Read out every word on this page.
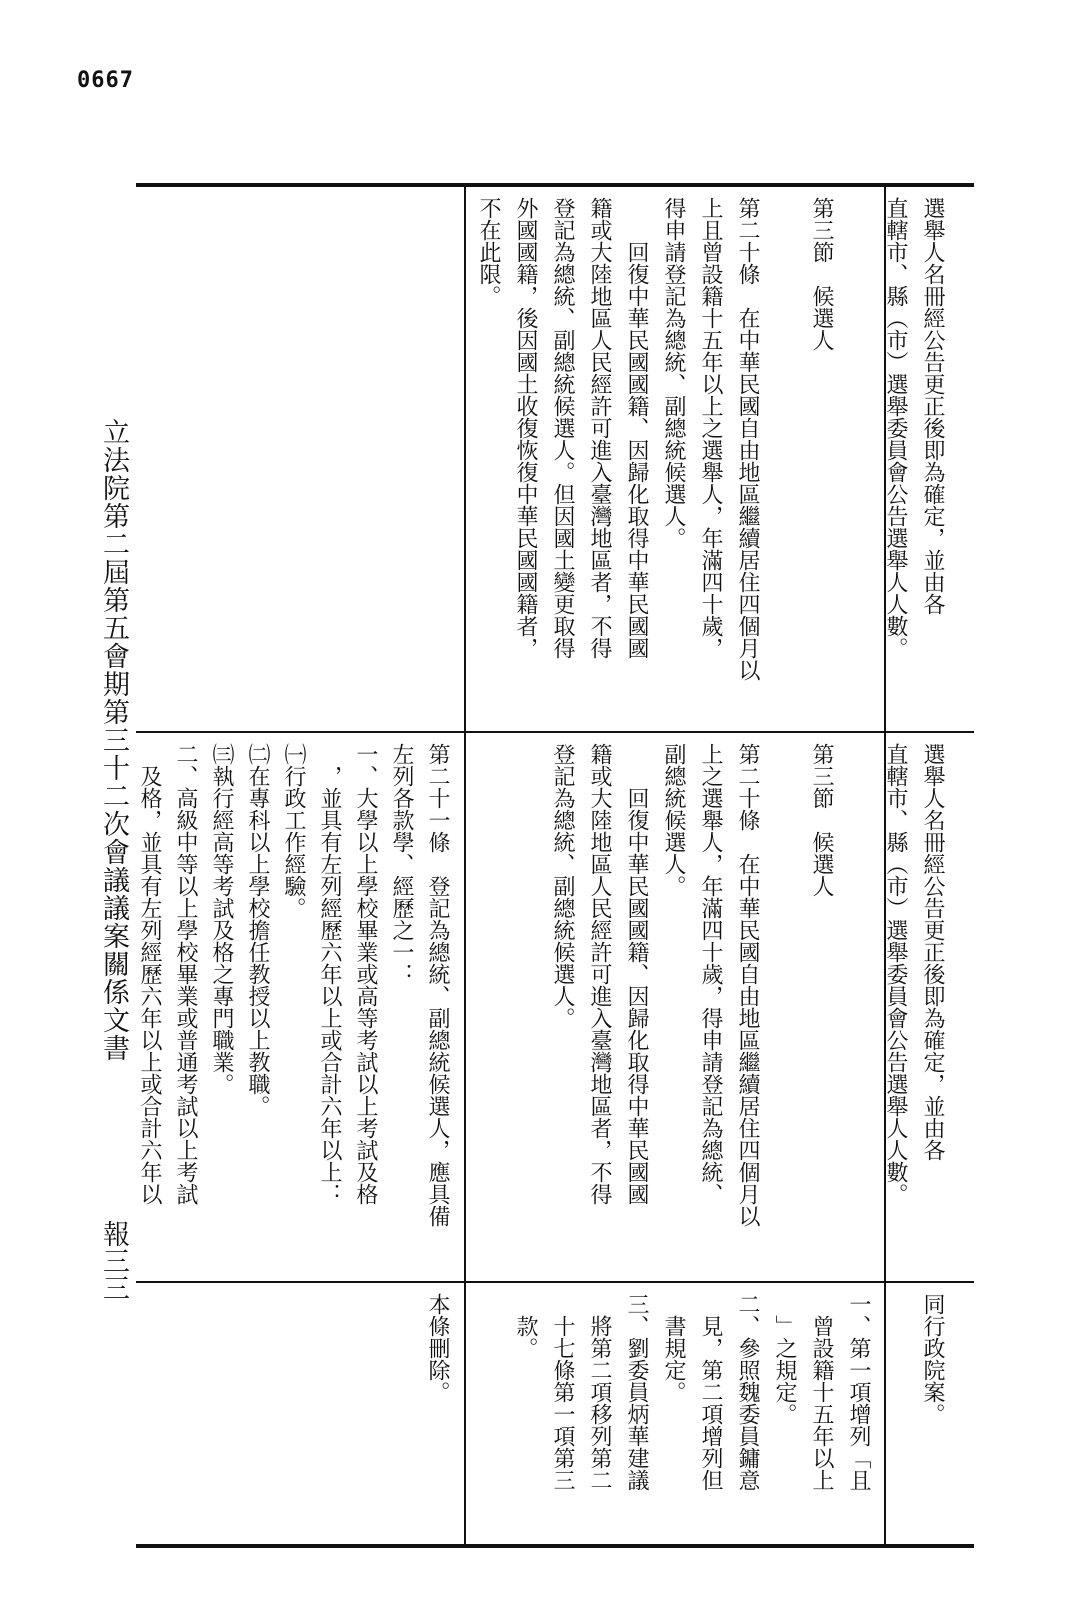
0667
立法院第二屆第五會期第三十二次會議議案關係文書
報三三
選舉人名冊經公告更正後即為確定，並由各
直轄市、縣（市）選舉委員會公告選舉人人數。
第三節　候選人
第二十條　在中華民國自由地區繼續居住四個月以
上且曾設籍十五年以上之選舉人，年滿四十歲，
得申請登記為總統、副總統候選人。
　　回復中華民國國籍、因歸化取得中華民國國
籍或大陸地區人民經許可進入臺灣地區者，不得
登記為總統、副總統候選人。但因國土變更取得
外國國籍，後因國土收復恢復中華民國國籍者，
不在此限。
選舉人名冊經公告更正後即為確定，並由各
直轄市、縣（市）選舉委員會公告選舉人人數。
第三節　候選人
第二十條　在中華民國自由地區繼續居住四個月以
上之選舉人，年滿四十歲，得申請登記為總統、
副總統候選人。
　　回復中華民國國籍、因歸化取得中華民國國
籍或大陸地區人民經許可進入臺灣地區者，不得
登記為總統、副總統候選人。
第二十一條　登記為總統、副總統候選人，應具備
左列各款學、經歷之一：
一、大學以上學校畢業或高等考試以上考試及格
　，並具有左列經歷六年以上或合計六年以上：
㈠行政工作經驗。
㈡在專科以上學校擔任教授以上教職。
㈢執行經高等考試及格之專門職業。
二、高級中等以上學校畢業或普通考試以上考試
　及格，並具有左列經歷六年以上或合計六年以
同行政院案。
一、第一項增列「且
　曾設籍十五年以上
　」之規定。
二、參照魏委員鏞意
　見，第二項增列但
　書規定。
三、劉委員炳華建議
　將第二項移列第二
　十七條第一項第三
　款。
本條刪除。
